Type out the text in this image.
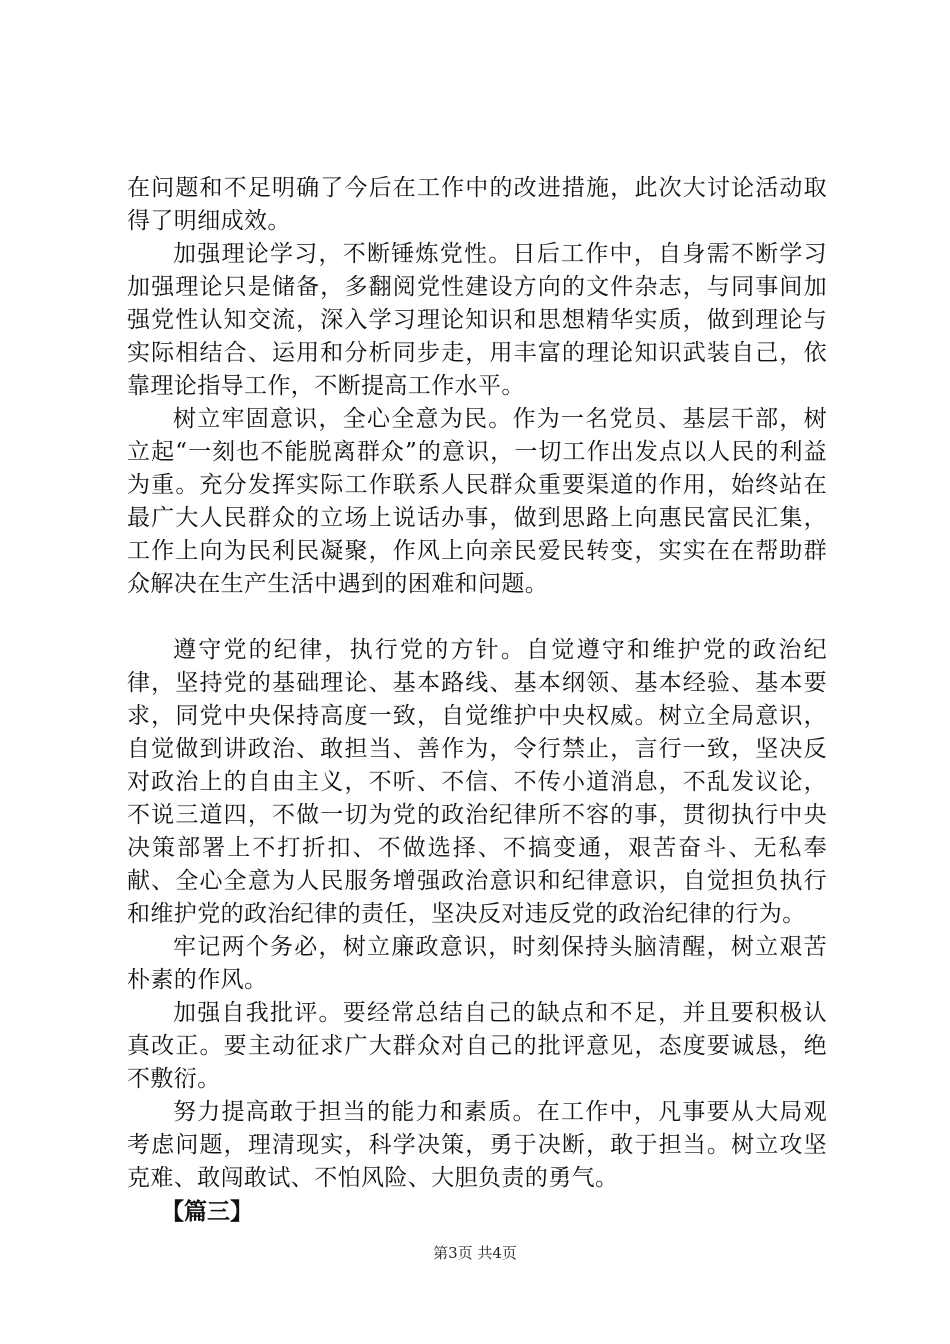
在问题和不足明确了今后在工作中的改进措施，此次大讨论活动取得了明细成效。

加强理论学习，不断锤炼党性。日后工作中，自身需不断学习加强理论只是储备，多翻阅党性建设方向的文件杂志，与同事间加强党性认知交流，深入学习理论知识和思想精华实质，做到理论与实际相结合、运用和分析同步走，用丰富的理论知识武装自己，依靠理论指导工作，不断提高工作水平。

树立牢固意识，全心全意为民。作为一名党员、基层干部，树立起“一刻也不能脱离群众”的意识，一切工作出发点以人民的利益为重。充分发挥实际工作联系人民群众重要渠道的作用，始终站在最广大人民群众的立场上说话办事，做到思路上向惠民富民汇集，工作上向为民利民凝聚，作风上向亲民爱民转变，实实在在帮助群众解决在生产生活中遇到的困难和问题。

遵守党的纪律，执行党的方针。自觉遵守和维护党的政治纪律，坚持党的基础理论、基本路线、基本纲领、基本经验、基本要求，同党中央保持高度一致，自觉维护中央权威。树立全局意识，自觉做到讲政治、敢担当、善作为，令行禁止，言行一致，坚决反对政治上的自由主义，不听、不信、不传小道消息，不乱发议论，不说三道四，不做一切为党的政治纪律所不容的事，贯彻执行中央决策部署上不打折扣、不做选择、不搞变通，艰苦奋斗、无私奉献、全心全意为人民服务增强政治意识和纪律意识，自觉担负执行和维护党的政治纪律的责任，坚决反对违反党的政治纪律的行为。

牢记两个务必，树立廉政意识，时刻保持头脑清醒，树立艰苦朴素的作风。

加强自我批评。要经常总结自己的缺点和不足，并且要积极认真改正。要主动征求广大群众对自己的批评意见，态度要诚恳，绝不敷衍。

努力提高敢于担当的能力和素质。在工作中，凡事要从大局观考虑问题，理清现实，科学决策，勇于决断，敢于担当。树立攻坚克难、敢闯敢试、不怕风险、大胆负责的勇气。

【篇三】

第3页 共4页
